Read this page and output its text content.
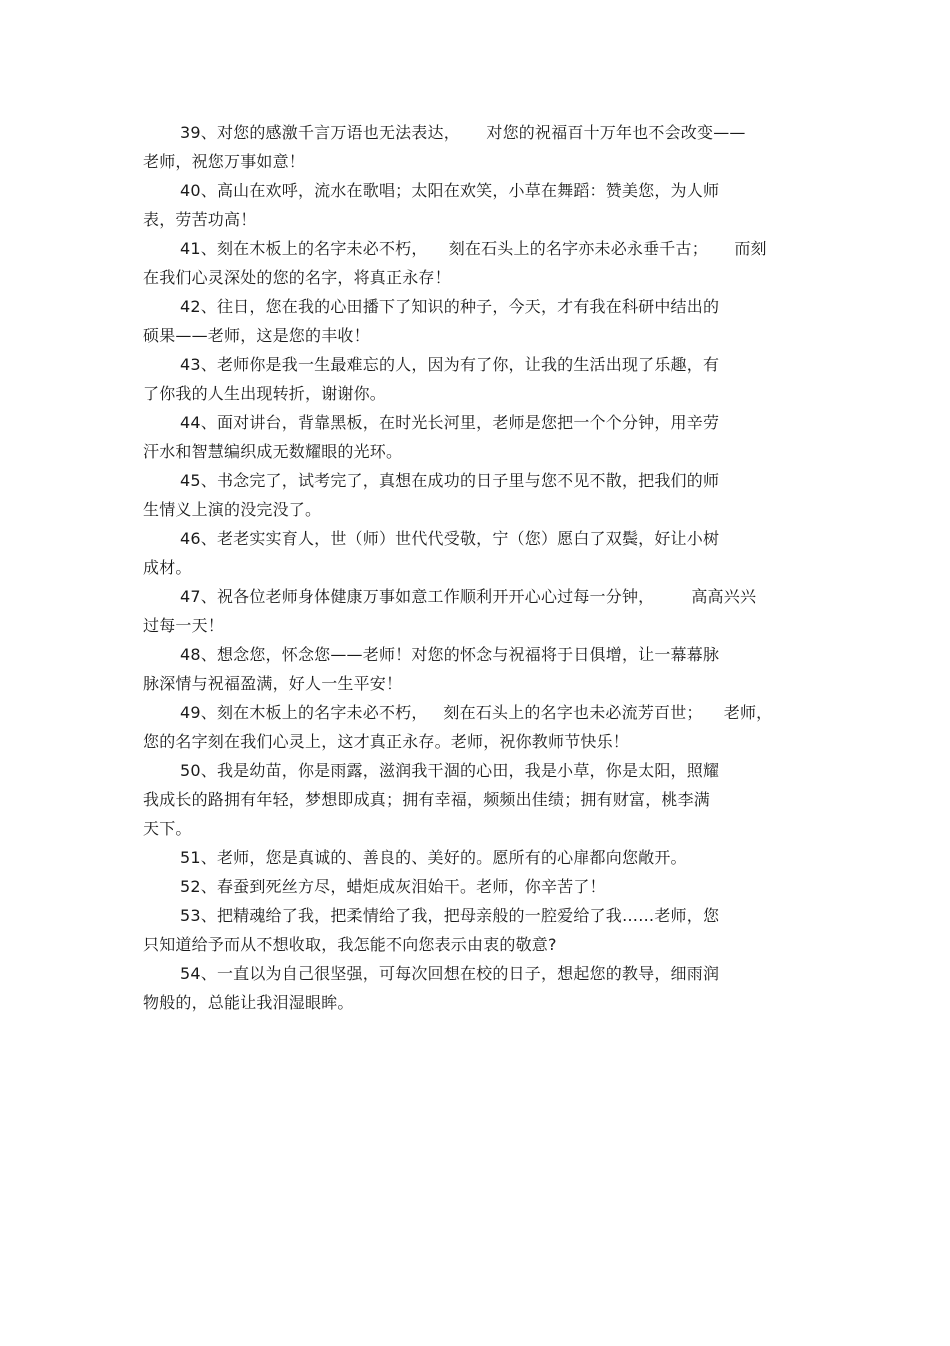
39、对您的感激千言万语也无法表达，     对您的祝福百十万年也不会改变——
老师，祝您万事如意！
40、高山在欢呼，流水在歌唱；太阳在欢笑，小草在舞蹈：赞美您，为人师
表，劳苦功高！
41、刻在木板上的名字未必不朽，    刻在石头上的名字亦未必永垂千古；     而刻
在我们心灵深处的您的名字，将真正永存！
42、往日，您在我的心田播下了知识的种子，今天，才有我在科研中结出的
硕果——老师，这是您的丰收！
43、老师你是我一生最难忘的人，因为有了你，让我的生活出现了乐趣，有
了你我的人生出现转折，谢谢你。
44、面对讲台，背靠黑板，在时光长河里，老师是您把一个个分钟，用辛劳
汗水和智慧编织成无数耀眼的光环。
45、书念完了，试考完了，真想在成功的日子里与您不见不散，把我们的师
生情义上演的没完没了。
46、老老实实育人，世（师）世代代受敬，宁（您）愿白了双鬓，好让小树
成材。
47、祝各位老师身体健康万事如意工作顺利开开心心过每一分钟，       高高兴兴
过每一天！
48、想念您，怀念您——老师！对您的怀念与祝福将于日俱增，让一幕幕脉
脉深情与祝福盈满，好人一生平安！
49、刻在木板上的名字未必不朽，   刻在石头上的名字也未必流芳百世；    老师，
您的名字刻在我们心灵上，这才真正永存。老师，祝你教师节快乐！
50、我是幼苗，你是雨露，滋润我干涸的心田，我是小草，你是太阳，照耀
我成长的路拥有年轻，梦想即成真；拥有幸福，频频出佳绩；拥有财富，桃李满
天下。
51、老师，您是真诚的、善良的、美好的。愿所有的心扉都向您敞开。
52、春蚕到死丝方尽，蜡炬成灰泪始干。老师，你辛苦了！
53、把精魂给了我，把柔情给了我，把母亲般的一腔爱给了我……老师，您
只知道给予而从不想收取，我怎能不向您表示由衷的敬意?
54、一直以为自己很坚强，可每次回想在校的日子，想起您的教导，细雨润
物般的，总能让我泪湿眼眸。
